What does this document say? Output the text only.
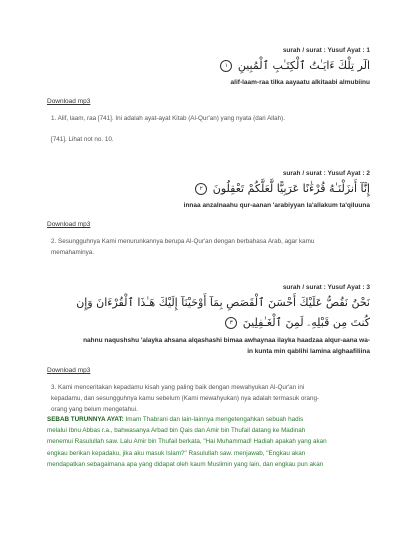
surah / surat : Yusuf Ayat : 1
الٓر تِلْكَ ءَايَـٰتُ ٱلْكِتَـٰبِ ٱلْمُبِينِ ١
alif-laam-raa tilka aayaatu alkitaabi almubiinu
Download mp3
1. Alif, laam, raa [741]. Ini adalah ayat-ayat Kitab (Al-Qur'an) yang nyata (dari Allah).
[741]. Lihat not no. 10.
surah / surat : Yusuf Ayat : 2
إِنَّآ أَنزَلْنَـٰهُ قُرْءَٰنًا عَرَبِيًّا لَّعَلَّكُمْ تَعْقِلُونَ ٢
innaa anzalnaahu qur-aanan 'arabiyyan la'allakum ta'qiluuna
Download mp3
2. Sesungguhnya Kami menurunkannya berupa Al-Qur'an dengan berbahasa Arab, agar kamu
memahaminya.
surah / surat : Yusuf Ayat : 3
نَحْنُ نَقُصُّ عَلَيْكَ أَحْسَنَ ٱلْقَصَصِ بِمَآ أَوْحَيْنَآ إِلَيْكَ هَـٰذَا ٱلْقُرْءَانَ وَإِن
كُنتَ مِن قَبْلِهِۦ لَمِنَ ٱلْغَـٰفِلِينَ ٣
nahnu naqushshu 'alayka ahsana alqashashi bimaa awhaynaa ilayka haadzaa alqur-aana wa-
in kunta min qablihi lamina alghaafiliina
Download mp3
3. Kami menceritakan kepadamu kisah yang paling baik dengan mewahyukan Al-Qur'an ini
kepadamu, dan sesungguhnya kamu sebelum (Kami mewahyukan) nya adalah termasuk orang-
orang yang belum mengetahui.
SEBAB TURUNNYA AYAT: Imam Thabrani dan lain-lainnya mengetengahkan sebuah hadis
melalui Ibnu Abbas r.a., bahwasanya Arbad bin Qais dan Amir bin Thufail datang ke Madinah
menemui Rasulullah saw. Lalu Amir bin Thufail berkata, "Hai Muhammad! Hadiah apakah yang akan
engkau berikan kepadaku, jika aku masuk Islam?" Rasulullah saw. menjawab, "Engkau akan
mendapatkan sebagaimana apa yang didapat oleh kaum Muslimin yang lain, dan engkau pun akan
